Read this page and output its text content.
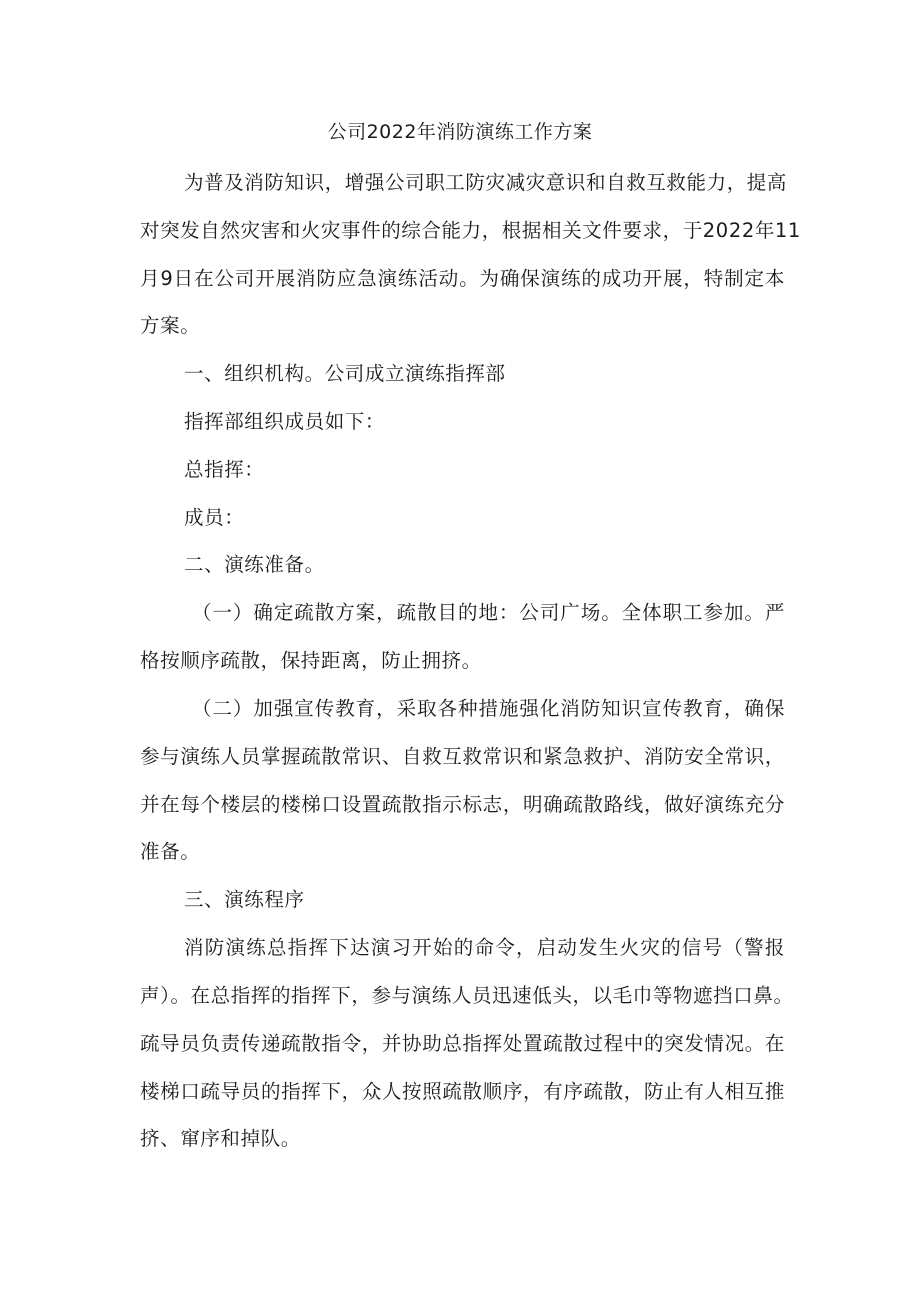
公司2022年消防演练工作方案
为普及消防知识，增强公司职工防灾减灾意识和自救互救能力，提高
对突发自然灾害和火灾事件的综合能力，根据相关文件要求，于2022年11
月9日在公司开展消防应急演练活动。为确保演练的成功开展，特制定本
方案。
一、组织机构。公司成立演练指挥部
指挥部组织成员如下：
总指挥：
成员：
二、演练准备。
（一）确定疏散方案，疏散目的地：公司广场。全体职工参加。严
格按顺序疏散，保持距离，防止拥挤。
（二）加强宣传教育，采取各种措施强化消防知识宣传教育，确保
参与演练人员掌握疏散常识、自救互救常识和紧急救护、消防安全常识，
并在每个楼层的楼梯口设置疏散指示标志，明确疏散路线，做好演练充分
准备。
三、演练程序
消防演练总指挥下达演习开始的命令，启动发生火灾的信号（警报
声）。在总指挥的指挥下，参与演练人员迅速低头，以毛巾等物遮挡口鼻。
疏导员负责传递疏散指令，并协助总指挥处置疏散过程中的突发情况。在
楼梯口疏导员的指挥下，众人按照疏散顺序，有序疏散，防止有人相互推
挤、窜序和掉队。
